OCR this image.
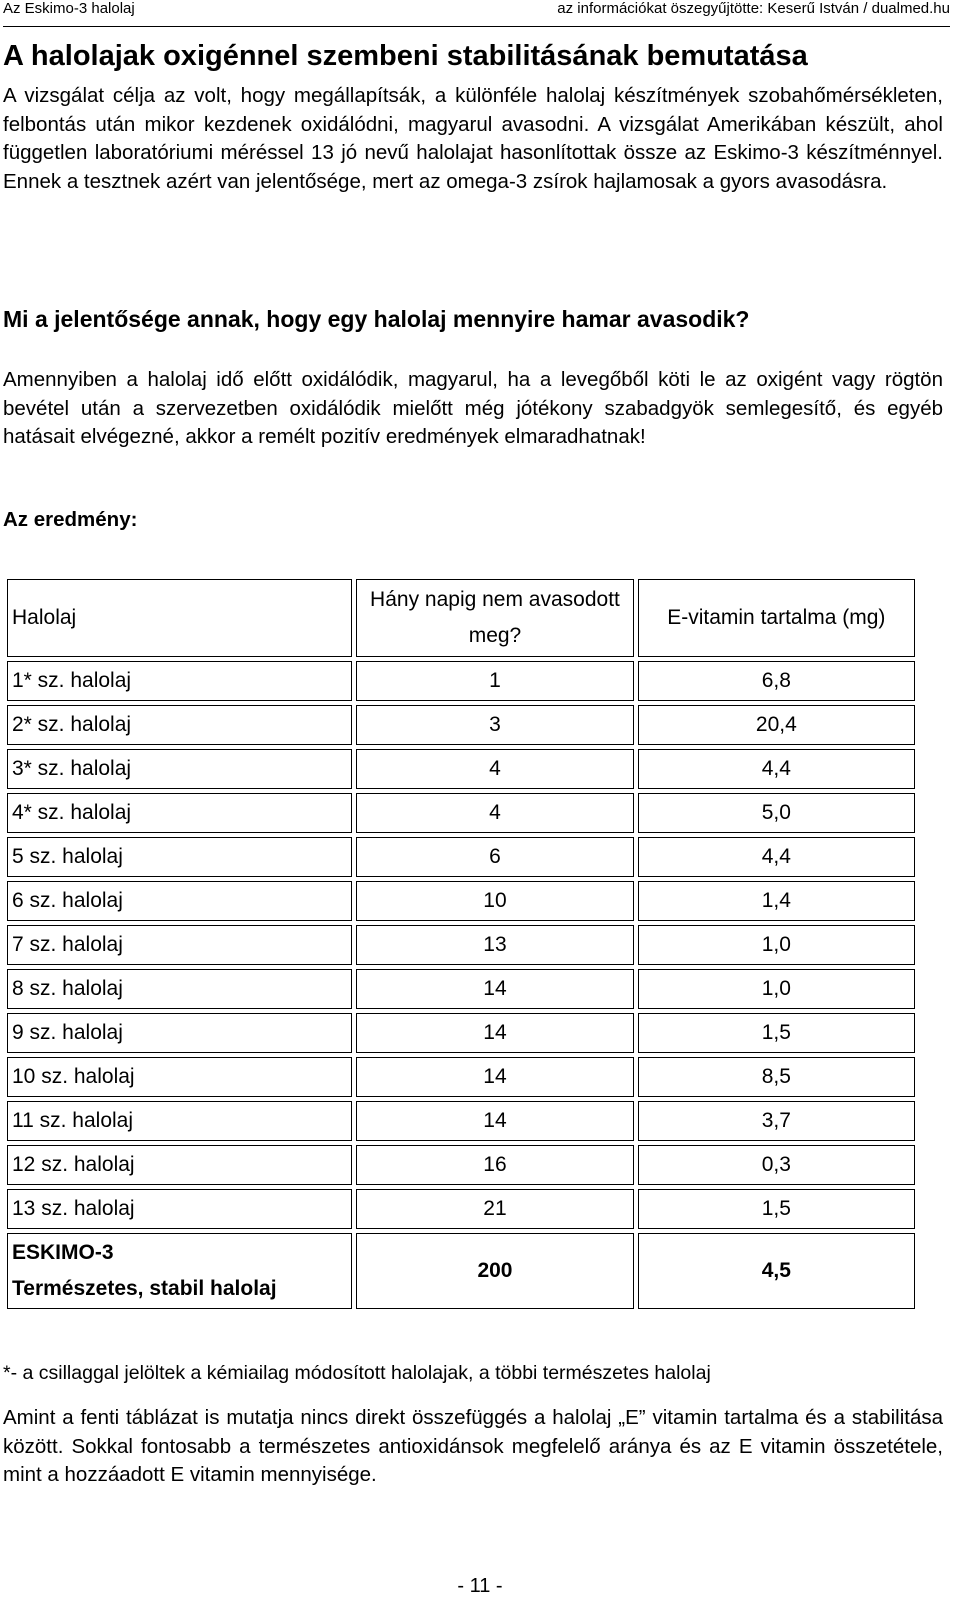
Az Eskimo-3 halolaj	az információkat öszegyűjtötte: Keserű István / dualmed.hu
A halolajak oxigénnel szembeni stabilitásának bemutatása

A vizsgálat célja az volt, hogy megállapítsák, a különféle halolaj készítmények szobahőmérsékleten, felbontás után mikor kezdenek oxidálódni, magyarul avasodni. A vizsgálat Amerikában készült, ahol független laboratóriumi méréssel 13 jó nevű halolajat hasonlítottak össze az Eskimo-3 készítménnyel. Ennek a tesztnek azért van jelentősége, mert az omega-3 zsírok hajlamosak a gyors avasodásra.

Mi a jelentősége annak, hogy egy halolaj mennyire hamar avasodik?

Amennyiben a halolaj idő előtt oxidálódik, magyarul, ha a levegőből köti le az oxigént vagy rögtön bevétel után a szervezetben oxidálódik mielőtt még jótékony szabadgyök semlegesítő, és egyéb hatásait elvégezné, akkor a remélt pozitív eredmények elmaradhatnak!

Az eredmény:
Halolaj	Hány napig nem avasodott meg?	E-vitamin tartalma (mg)
1* sz. halolaj	1	6,8
2* sz. halolaj	3	20,4
3* sz. halolaj	4	4,4
4* sz. halolaj	4	5,0
5 sz. halolaj	6	4,4
6 sz. halolaj	10	1,4
7 sz. halolaj	13	1,0
8 sz. halolaj	14	1,0
9 sz. halolaj	14	1,5
10 sz. halolaj	14	8,5
11 sz. halolaj	14	3,7
12 sz. halolaj	16	0,3
13 sz. halolaj	21	1,5
ESKIMO-3
Természetes, stabil halolaj	200	4,5

*- a csillaggal jelöltek a kémiailag módosított halolajak, a többi természetes halolaj

Amint a fenti táblázat is mutatja nincs direkt összefüggés a halolaj „E” vitamin tartalma és a stabilitása között. Sokkal fontosabb a természetes antioxidánsok megfelelő aránya és az E vitamin összetétele, mint a hozzáadott E vitamin mennyisége.

- 11 -
